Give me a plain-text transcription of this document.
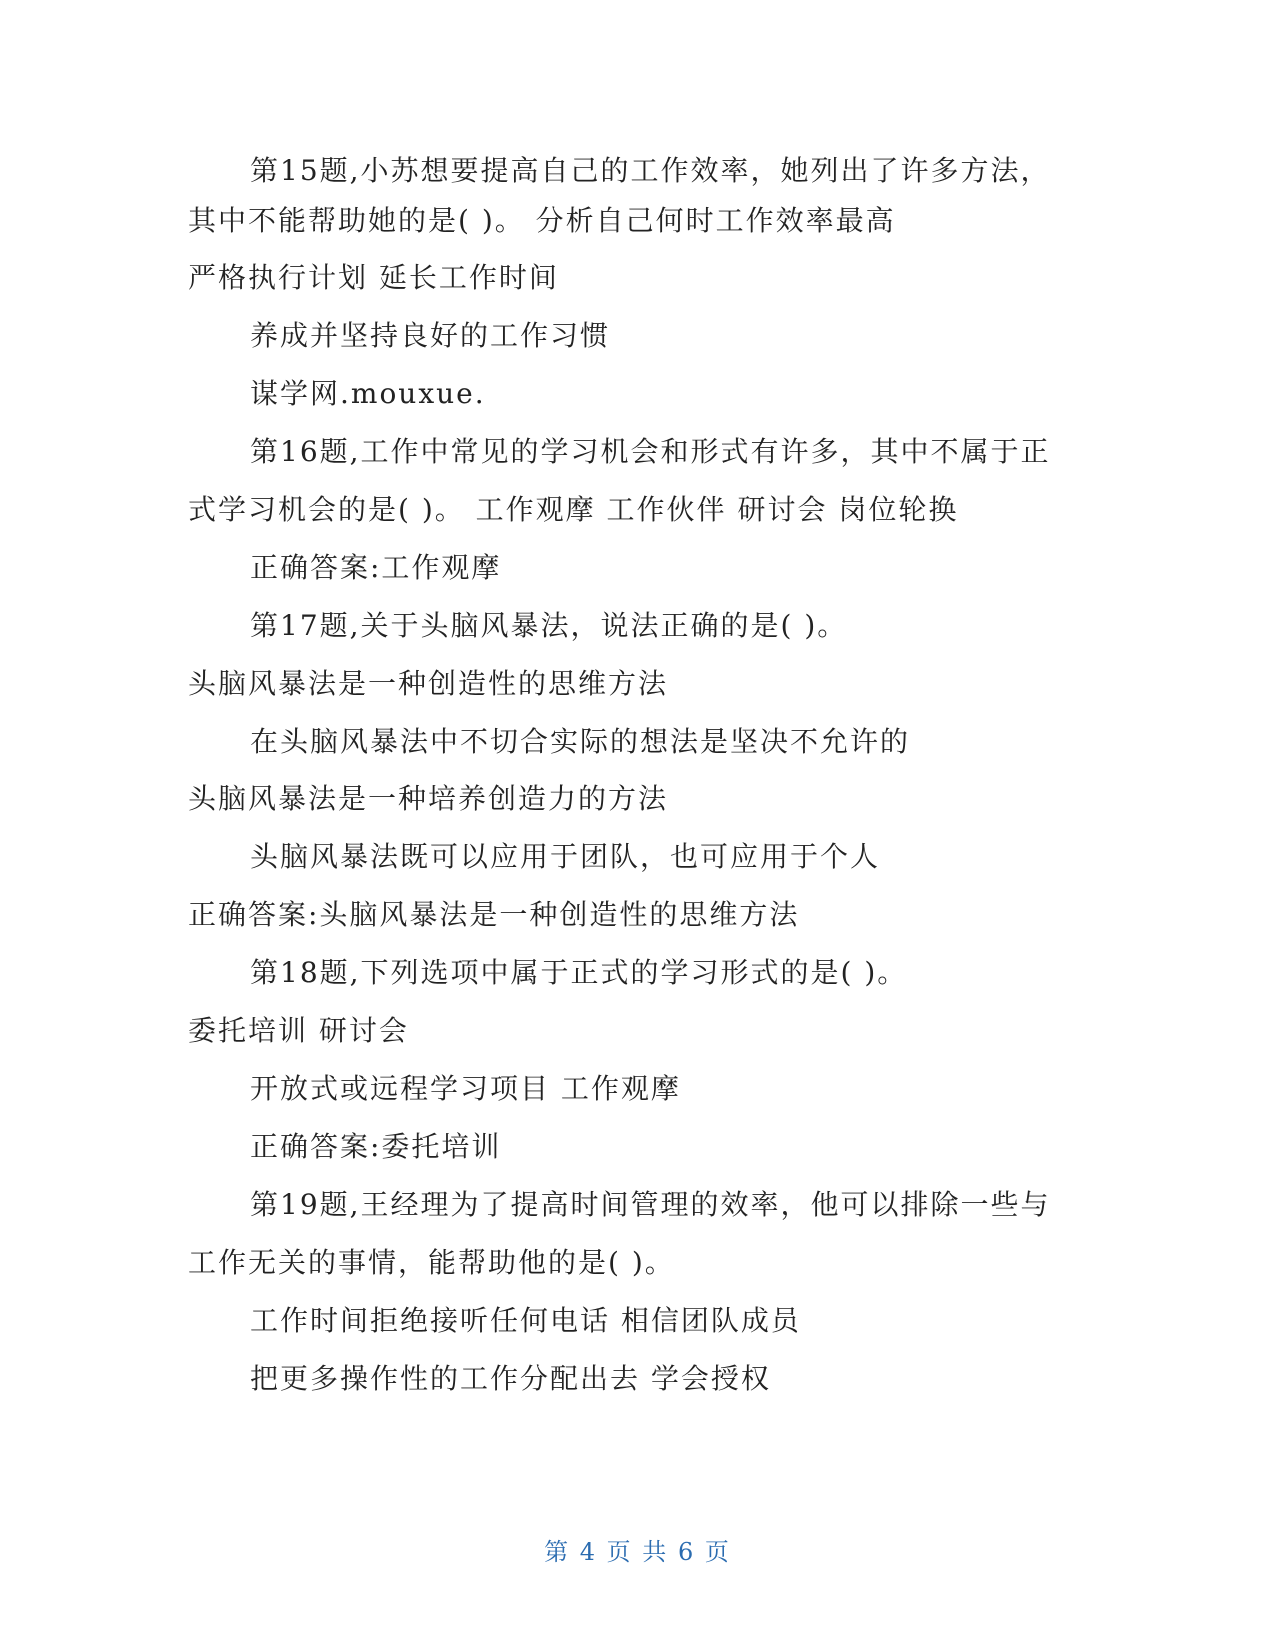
第15题,小苏想要提高自己的工作效率，她列出了许多方法，
其中不能帮助她的是( )。 分析自己何时工作效率最高
严格执行计划 延长工作时间
养成并坚持良好的工作习惯
谋学网.mouxue.
第16题,工作中常见的学习机会和形式有许多，其中不属于正
式学习机会的是( )。 工作观摩 工作伙伴 研讨会 岗位轮换
正确答案:工作观摩
第17题,关于头脑风暴法，说法正确的是( )。
头脑风暴法是一种创造性的思维方法
在头脑风暴法中不切合实际的想法是坚决不允许的
头脑风暴法是一种培养创造力的方法
头脑风暴法既可以应用于团队，也可应用于个人
正确答案:头脑风暴法是一种创造性的思维方法
第18题,下列选项中属于正式的学习形式的是( )。
委托培训 研讨会
开放式或远程学习项目 工作观摩
正确答案:委托培训
第19题,王经理为了提高时间管理的效率，他可以排除一些与
工作无关的事情，能帮助他的是( )。
工作时间拒绝接听任何电话 相信团队成员
把更多操作性的工作分配出去 学会授权
第 4 页 共 6 页
